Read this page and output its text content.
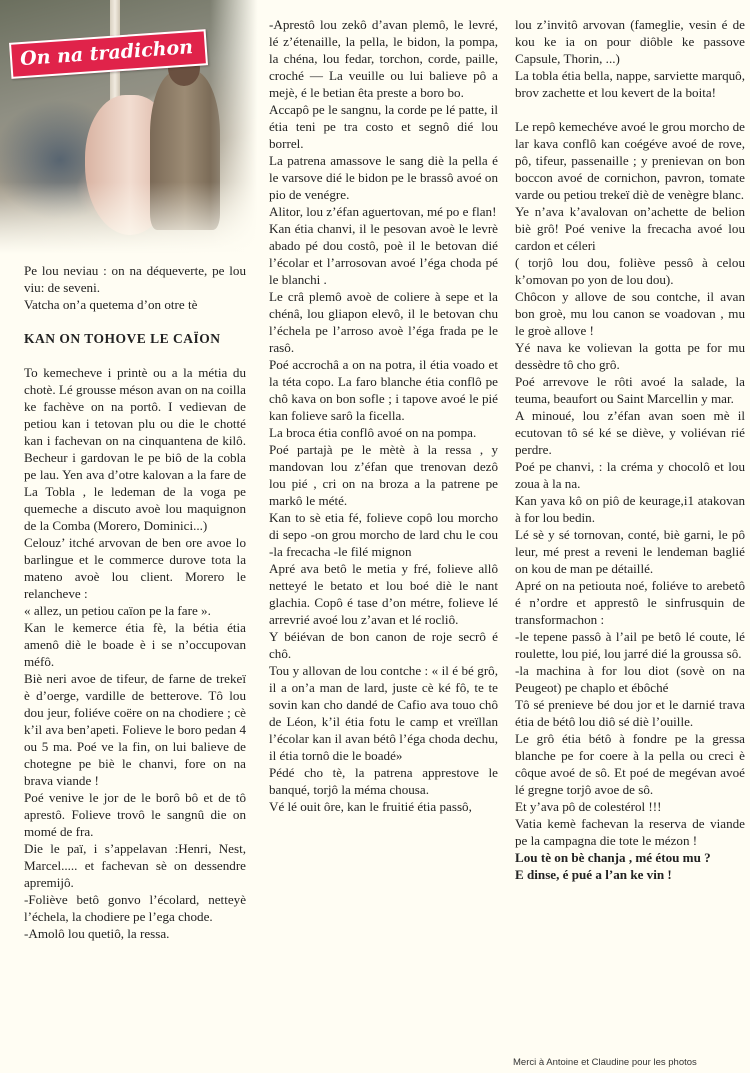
On na tradichon

Pe lou neviau : on na déqueverte, pe lou viu: de seveni.

Vatcha on’a quetema d’on otre tè

KAN ON TOHOVE LE CAÏON

To kemecheve i printè ou a la métia du chotè. Lé grousse méson avan on na coilla ke fachève on na portô. I vedievan de petiou kan i tetovan plu ou die le chotté kan i fachevan on na cinquantena de kilô. Becheur i gardovan le pe biô de la cobla pe lau. Yen ava d’otre kalovan a la fare de La Tobla , le ledeman de la voga pe quemeche a discuto avoè lou maquignon de la Comba (Morero, Dominici...)

Celouz’ itché arvovan de ben ore avoe lo barlingue et le commerce durove tota la mateno avoè lou client. Morero le relancheve :

« allez, un petiou caïon pe la fare ».

Kan le kemerce étia fè, la bétia étia amenô diè le boade è i se n’occupovan méfô.

Biè neri avoe de tifeur, de farne de trekeï è d’oerge, vardille de betterove. Tô lou dou jeur, foliéve coëre on na chodiere ; cè k’il ava ben’apeti. Folieve le boro pedan 4 ou 5 ma. Poé ve la fin, on lui balieve de chotegne pe biè le chanvi, fore on na brava viande !

Poé venive le jor de le borô bô et de tô aprestô. Folieve trovô le sangnû die on momé de fra.

Die le paï, i s’appelavan :Henri, Nest, Marcel..... et fachevan sè on dessendre apremijô.

-Foliève betô gonvo l’écolard, netteyè l’échela, la chodiere pe l’ega chode.

-Amolô lou quetiô, la ressa.

-Aprestô lou zekô d’avan plemô, le levré, lé z’étenaille, la pella, le bidon, la pompa, la chéna, lou fedar, torchon, corde, paille, croché — La veuille ou lui balieve pô a mejè, é le betian êta preste a boro bo.

Accapô pe le sangnu, la corde pe lé patte, il étia teni pe tra costo et segnô dié lou borrel.

La patrena amassove le sang diè la pella é le varsove dié le bidon pe le brassô avoé on pio de venégre.

Alitor, lou z’éfan aguertovan, mé po e flan!

Kan étia chanvi, il le pesovan avoè le levrè abado pé dou costô, poè il le betovan dié l’écolar et l’arrosovan avoé l’éga choda pé le blanchi .

Le crâ plemô avoè de coliere à sepe et la chénâ, lou gliapon elevô, il le betovan chu l’échela pe l’arroso avoè l’éga frada pe le rasô.

Poé accrochâ a on na potra, il étia voado et la téta copo. La faro blanche étia conflô pe chô kava on bon sofle ; i tapove avoé le pié kan folieve sarô la ficella.

La broca étia conflô avoé on na pompa.

Poé partajà pe le mètè à la ressa , y mandovan lou z’éfan que trenovan dezô lou pié , cri on na broza a la patrene pe markô le mété.

Kan to sè etia fé, folieve copô lou morcho di sepo -on grou morcho de lard chu le cou -la frecacha -le filé mignon

Apré ava betô le metia y fré, folieve allô netteyé le betato et lou boé diè le nant glachia. Copô é tase d’on métre, folieve lé arrevrié avoé lou z’avan et lé rocliô.

Y béiévan de bon canon de roje secrô é chô.

Tou y allovan de lou contche : « il é bé grô, il a on’a man de lard, juste cè ké fô, te te sovin kan cho dandé de Cafio ava touo chô de Léon, k’il étia fotu le camp et vreïllan l’écolar kan il avan bétô l’éga choda dechu, il étia tornô die le boadé»

Pédé cho tè, la patrena apprestove le banqué, torjô la méma chousa.

Vé lé ouit ôre, kan le fruitié étia passô,

lou z’invitô arvovan (fameglie, vesin é de kou ke ia on pour diôble ke passove Capsule, Thorin, ...)

La tobla étia bella, nappe, sarviette marquô, brov zachette et lou kevert de la boita!

Le repô kemechéve avoé le grou morcho de lar kava conflô kan coégéve avoé de rove, pô, tifeur, passenaille ; y prenievan on bon boccon avoé de cornichon, pavron, tomate varde ou petiou trekeï diè de venègre blanc.

Ye n’ava k’avalovan on’achette de belion biè grô! Poé venive la frecacha avoé lou cardon et céleri

( torjô lou dou, foliève pessô à celou k’omovan po yon de lou dou).

Chôcon y allove de sou contche, il avan bon groè, mu lou canon se voadovan , mu le groè allove !

Yé nava ke volievan la gotta pe for mu dessèdre tô cho grô.

Poé arrevove le rôti avoé la salade, la teuma, beaufort ou Saint Marcellin y mar.

A minoué, lou z’éfan avan soen mè il ecutovan tô sé ké se diève, y voliévan rié perdre.

Poé pe chanvi, : la créma y chocolô et lou zoua à la na.

Kan yava kô on piô de keurage,i1 atakovan à for lou bedin.

Lé sè y sé tornovan, conté, biè garni, le pô leur, mé prest a reveni le lendeman baglié on kou de man pe détaillé.

Apré on na petiouta noé, foliéve to arebetô é n’ordre et apprestô le sinfrusquin de transformachon :

-le tepene passô à l’ail pe betô lé coute, lé roulette, lou pié, lou jarré dié la groussa sô.

-la machina à for lou diot (sovè on na Peugeot) pe chaplo et ébôché

Tô sé prenieve bé dou jor et le darnié trava étia de bétô lou diô sé diè l’ouille.

Le grô étia bétô à fondre pe la gressa blanche pe for coere à la pella ou creci è côque avoé de sô. Et poé de megévan avoé lé gregne torjô avoe de sô.

Et y’ava pô de colestérol !!!

Vatia kemè fachevan la reserva de viande pe la campagna die tote le mézon !

Lou tè on bè chanja , mé étou mu ?

E dinse, é pué a l’an ke vin !

Merci à Antoine et Claudine pour les photos
